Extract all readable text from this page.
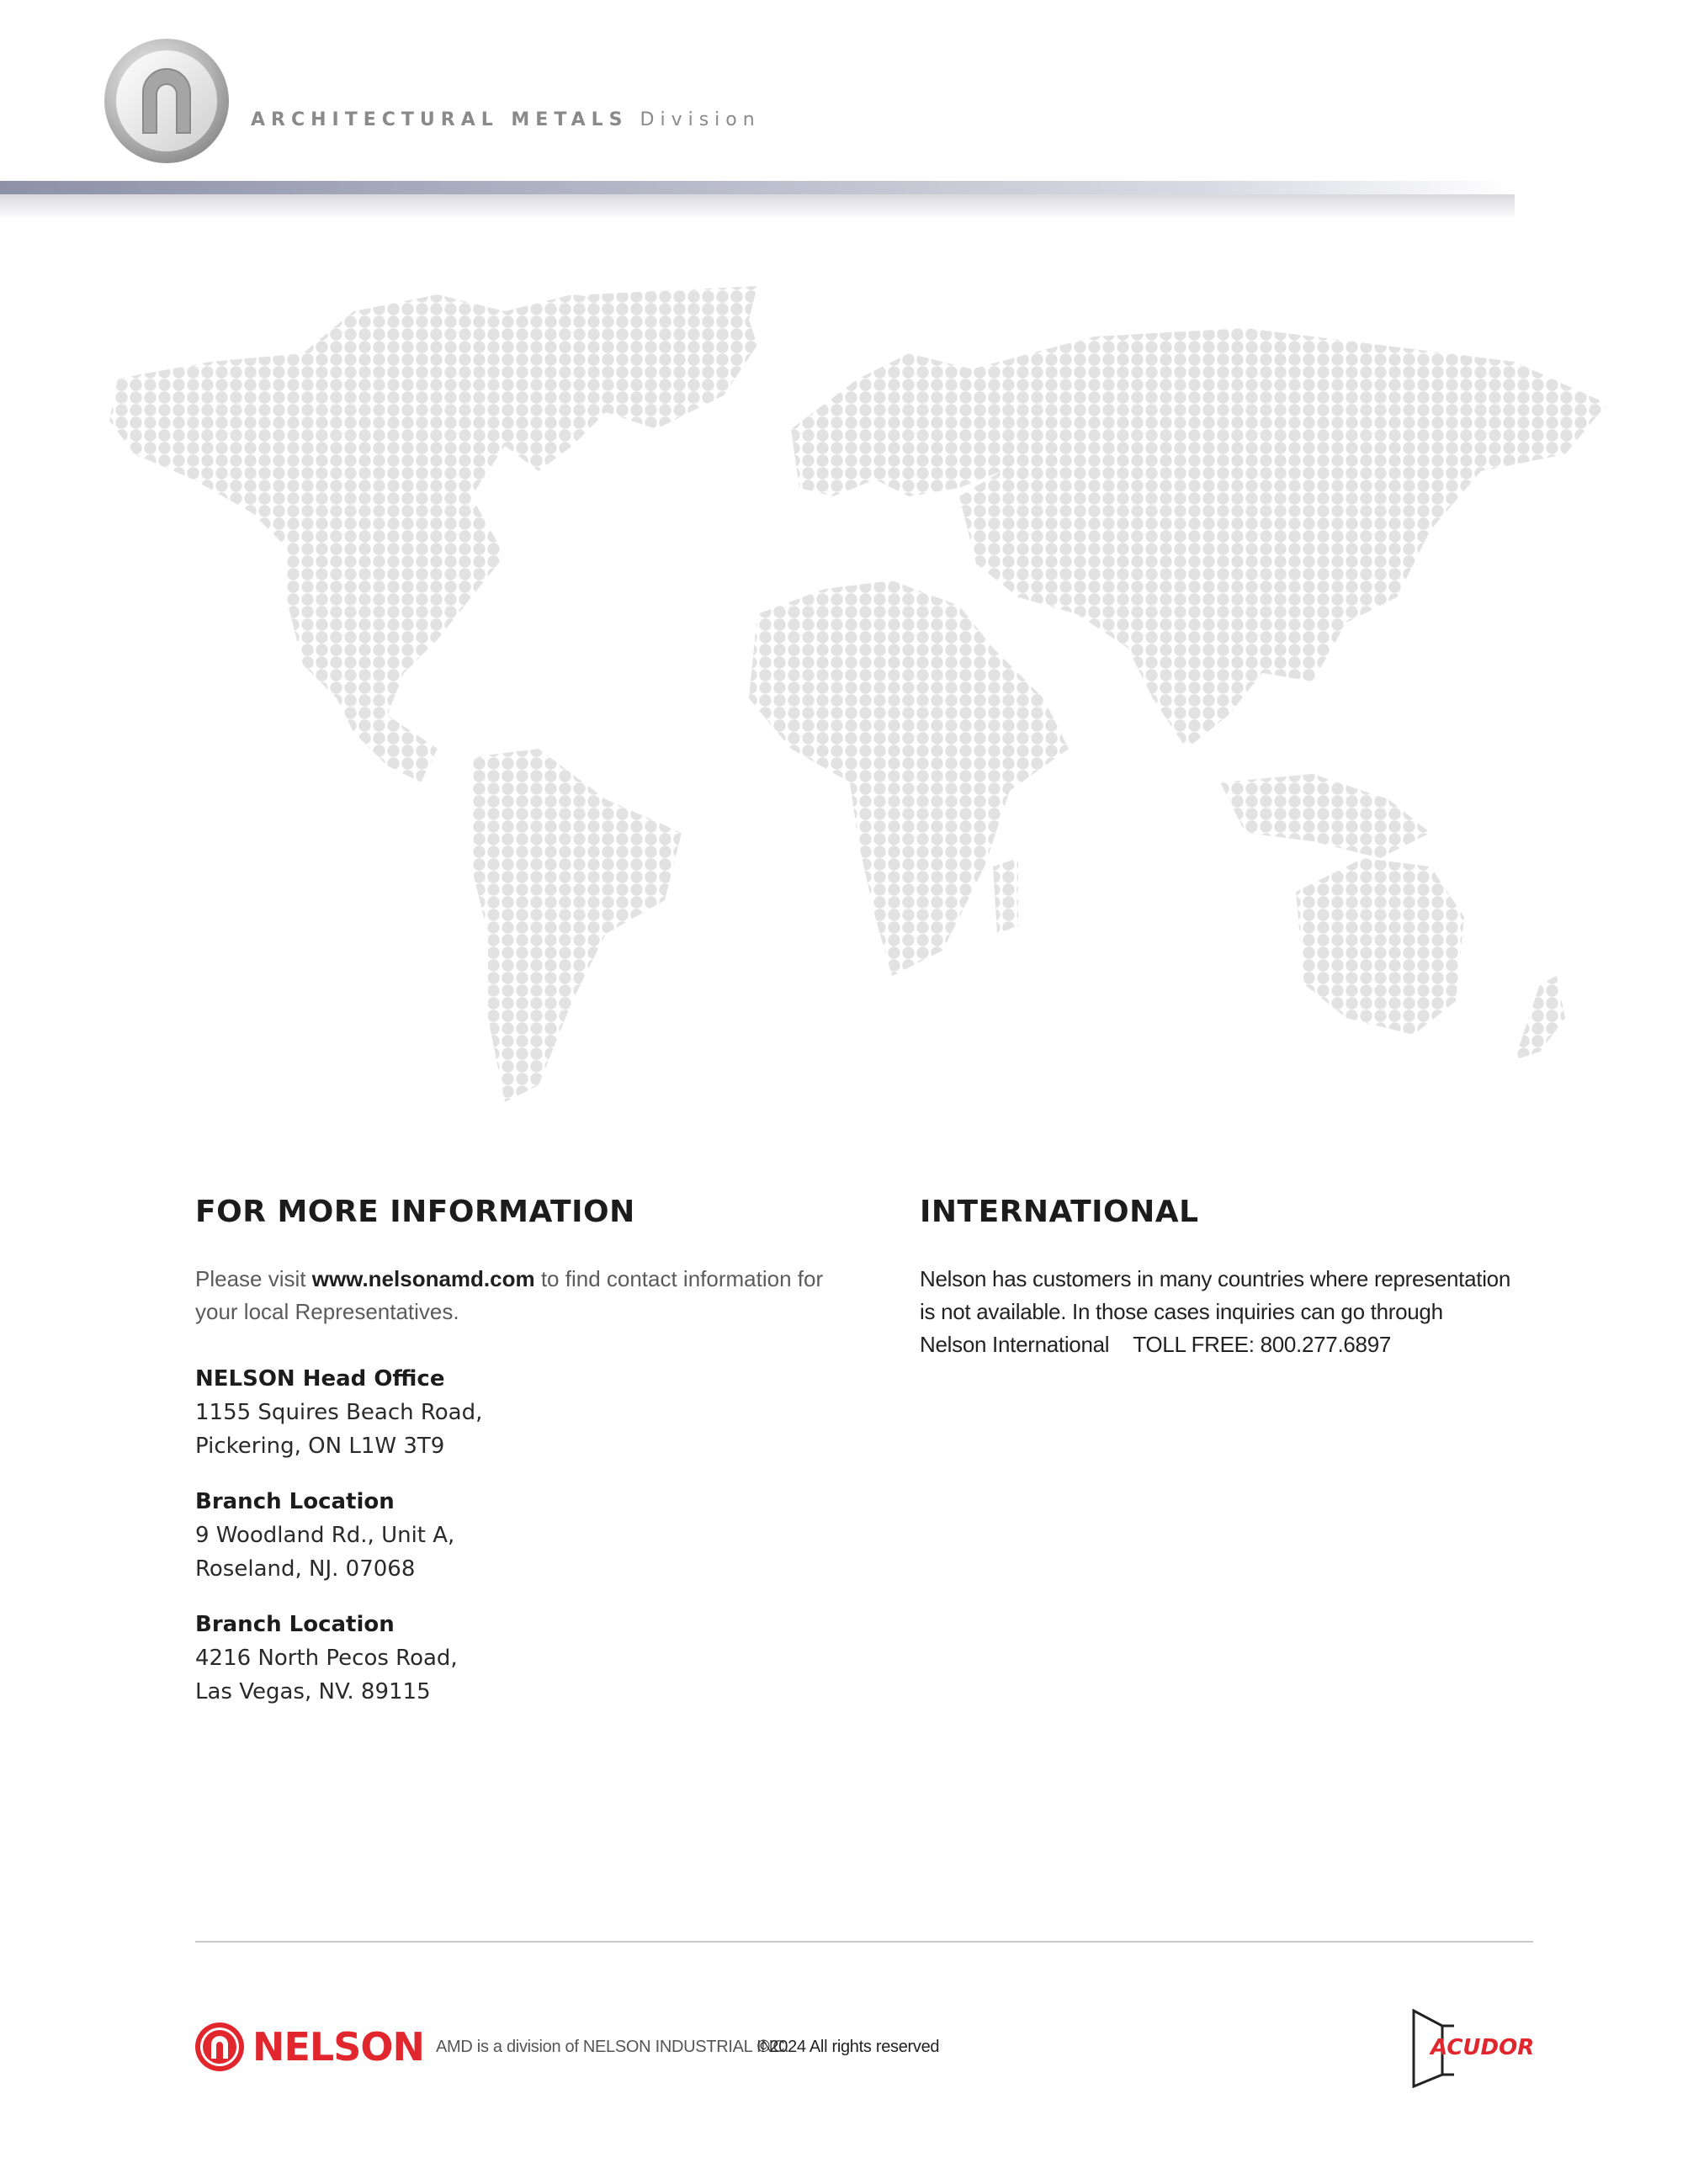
ARCHITECTURAL METALS Division
FOR MORE INFORMATION
Please visit www.nelsonamd.com to find contact information for your local Representatives.
NELSON Head Office
1155 Squires Beach Road,
Pickering, ON L1W 3T9
Branch Location
9 Woodland Rd., Unit A,
Roseland, NJ. 07068
Branch Location
4216 North Pecos Road,
Las Vegas, NV. 89115
INTERNATIONAL
Nelson has customers in many countries where representation
is not available. In those cases inquiries can go through
Nelson International TOLL FREE: 800.277.6897
NELSON AMD is a division of NELSON INDUSTRIAL INC.
©2024 All rights reserved	ACUDOR
